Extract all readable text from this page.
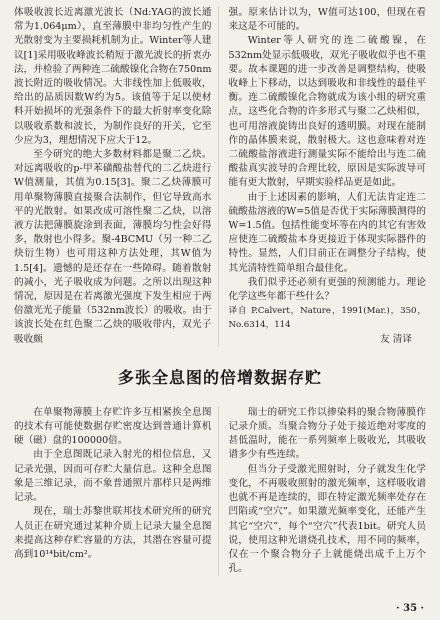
体吸收波长近离激光波长（Nd:YAG的波长通常为1.064μm），直至薄膜中非均匀性产生的光散射变为主要损耗机制为止。Winter等人建议[1]采用吸收峰波长稍短于激光波长的折衷办法，并检验了两种连二硫酸镍化合物在750nm波长附近的吸收情况。大非线性加上低吸收，给出的品质因数W约为5。该值等于足以使材料开始损坏的光强条件下的最大折射率变化除以吸收系数和波长，为制作良好的开关，它至少应为3，理想情况下应大于12。

至今研究的绝大多数材料都是聚二乙炔。对远离吸收的p-甲苯磺酸盐替代的二乙炔进行W值测量，其值为0.15[3]。聚二乙炔薄膜可用单聚物薄膜直接聚合法制作，但它导致高水平的光散射。如果改成可溶性聚二乙炔，以溶液方法把薄膜旋涂到表面，薄膜均匀性会好得多，散射也小得多。聚-4BCMU（另一种二乙炔衍生物）也可用这种方法处理，其W值为1.5[4]。遗憾的是还存在一些障碍。随着散射的减小，光子吸收成为问题。之所以出现这种情况，原因是在若离激光强度下发生相应于两倍激光光子能量（532nm波长）的吸收。由于该波长处在红色聚二乙炔的吸收带内，双光子吸收颇

强。原来估计以为，W值可达100，但现在看来这是不可能的。

Winter等人研究的连二硫酸镍，在532nm处显示低吸收，双光子吸收似乎也不重要。故本课题的进一步改善是调整结构，使吸收峰上下移动，以达到吸收和非线性的最佳平衡。连二硫酸镍化合物就成为该小组的研究重点，这些化合物的许多形式与聚二乙炔相似，也可用溶液旋铸出良好的透明膜。对现在能制作的晶体膜来说，散射极大。这也意味着对连二硫酸盐溶液进行测量实际不能给出与连二硫酸盐真实波导的合理比较，原因是实际波导可能有更大散射，早期实验样品更是如此。

由于上述因素的影响，人们无法肯定连二硫酸盐溶液的W=5值是否优于实际薄膜测得的W=1.5值。包括性能变坏等在内的其它有害效应使连二硫酸盐本身更接近于体现实际器件的特性。显然，人们目前正在调整分子结构，使其光清特性简单组合最佳化。

我们似乎还必须有更强的预测能力。理论化学这些年都干些什么？

译自 P.Calvert，Nature，1991(Mar.)，350，No.6314，114

友 清译

多张全息图的倍增数据存贮

在单聚物薄膜上存贮许多互相紧挨全息图的技术有可能使数据存贮密度达到普通计算机硬（磁）盘的100000倍。

由于全息图既记录入射光的相位信息，又记录光强，因而可存贮大量信息。这种全息图象是三维记录，而不象普通照片那样只是两维记录。

现在，瑞士苏黎世联邦技术研究所的研究人员正在研究通过某种介质上记录大量全息图来提高这种存贮容量的方法，其潜在容量可提高到10¹⁴bit/cm²。

瑞士的研究工作以掺染料的聚合物薄膜作记录介质。当聚合物分子处于接近绝对零度的甚低温时，能在一系列频率上吸收光，其吸收谱多少有些连续。

但当分子受激光照射时，分子就发生化学变化，不再吸收照射的激光频率，这样吸收谱也就不再是连续的，即在特定激光频率处存在凹陷或“空穴”。如果激光频率变化，还能产生其它“空穴”，每个“空穴”代表1bit。研究人员说，使用这种光谱烧孔技术，用不同的频率，仅在一个聚合物分子上就能烧出成千上万个孔。

· 35 ·
